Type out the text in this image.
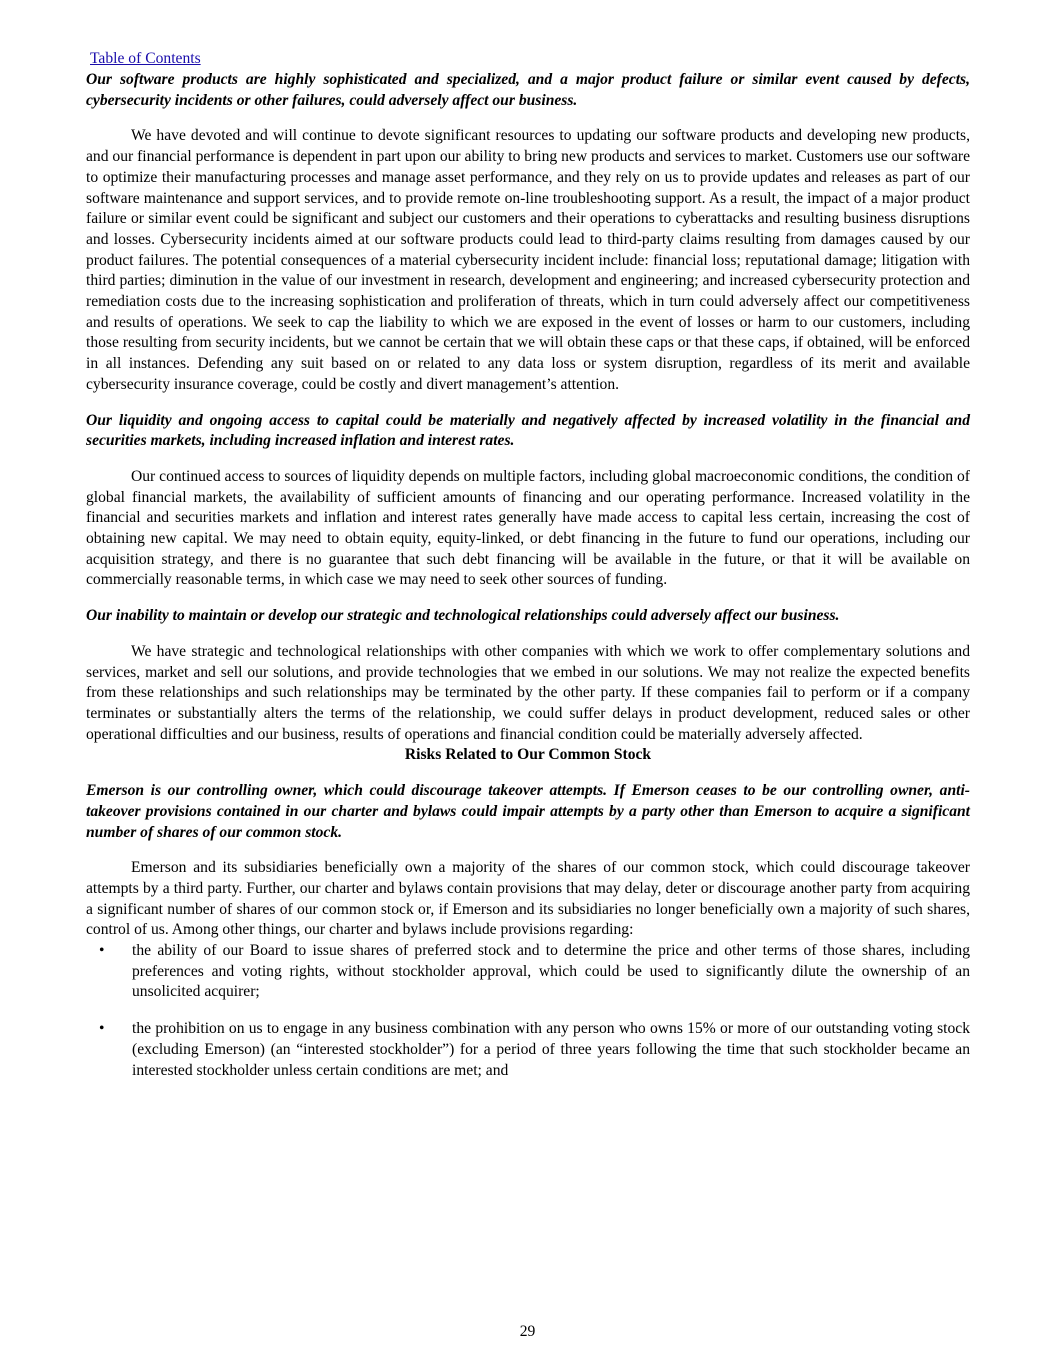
Table of Contents

Our software products are highly sophisticated and specialized, and a major product failure or similar event caused by defects, cybersecurity incidents or other failures, could adversely affect our business.

We have devoted and will continue to devote significant resources to updating our software products and developing new products, and our financial performance is dependent in part upon our ability to bring new products and services to market. Customers use our software to optimize their manufacturing processes and manage asset performance, and they rely on us to provide updates and releases as part of our software maintenance and support services, and to provide remote on-line troubleshooting support. As a result, the impact of a major product failure or similar event could be significant and subject our customers and their operations to cyberattacks and resulting business disruptions and losses. Cybersecurity incidents aimed at our software products could lead to third-party claims resulting from damages caused by our product failures. The potential consequences of a material cybersecurity incident include: financial loss; reputational damage; litigation with third parties; diminution in the value of our investment in research, development and engineering; and increased cybersecurity protection and remediation costs due to the increasing sophistication and proliferation of threats, which in turn could adversely affect our competitiveness and results of operations. We seek to cap the liability to which we are exposed in the event of losses or harm to our customers, including those resulting from security incidents, but we cannot be certain that we will obtain these caps or that these caps, if obtained, will be enforced in all instances. Defending any suit based on or related to any data loss or system disruption, regardless of its merit and available cybersecurity insurance coverage, could be costly and divert management’s attention.

Our liquidity and ongoing access to capital could be materially and negatively affected by increased volatility in the financial and securities markets, including increased inflation and interest rates.

Our continued access to sources of liquidity depends on multiple factors, including global macroeconomic conditions, the condition of global financial markets, the availability of sufficient amounts of financing and our operating performance. Increased volatility in the financial and securities markets and inflation and interest rates generally have made access to capital less certain, increasing the cost of obtaining new capital. We may need to obtain equity, equity-linked, or debt financing in the future to fund our operations, including our acquisition strategy, and there is no guarantee that such debt financing will be available in the future, or that it will be available on commercially reasonable terms, in which case we may need to seek other sources of funding.

Our inability to maintain or develop our strategic and technological relationships could adversely affect our business.

We have strategic and technological relationships with other companies with which we work to offer complementary solutions and services, market and sell our solutions, and provide technologies that we embed in our solutions. We may not realize the expected benefits from these relationships and such relationships may be terminated by the other party. If these companies fail to perform or if a company terminates or substantially alters the terms of the relationship, we could suffer delays in product development, reduced sales or other operational difficulties and our business, results of operations and financial condition could be materially adversely affected.

Risks Related to Our Common Stock

Emerson is our controlling owner, which could discourage takeover attempts. If Emerson ceases to be our controlling owner, anti-takeover provisions contained in our charter and bylaws could impair attempts by a party other than Emerson to acquire a significant number of shares of our common stock.

Emerson and its subsidiaries beneficially own a majority of the shares of our common stock, which could discourage takeover attempts by a third party. Further, our charter and bylaws contain provisions that may delay, deter or discourage another party from acquiring a significant number of shares of our common stock or, if Emerson and its subsidiaries no longer beneficially own a majority of such shares, control of us. Among other things, our charter and bylaws include provisions regarding:

• the ability of our Board to issue shares of preferred stock and to determine the price and other terms of those shares, including preferences and voting rights, without stockholder approval, which could be used to significantly dilute the ownership of an unsolicited acquirer;
• the prohibition on us to engage in any business combination with any person who owns 15% or more of our outstanding voting stock (excluding Emerson) (an “interested stockholder”) for a period of three years following the time that such stockholder became an interested stockholder unless certain conditions are met; and
29
